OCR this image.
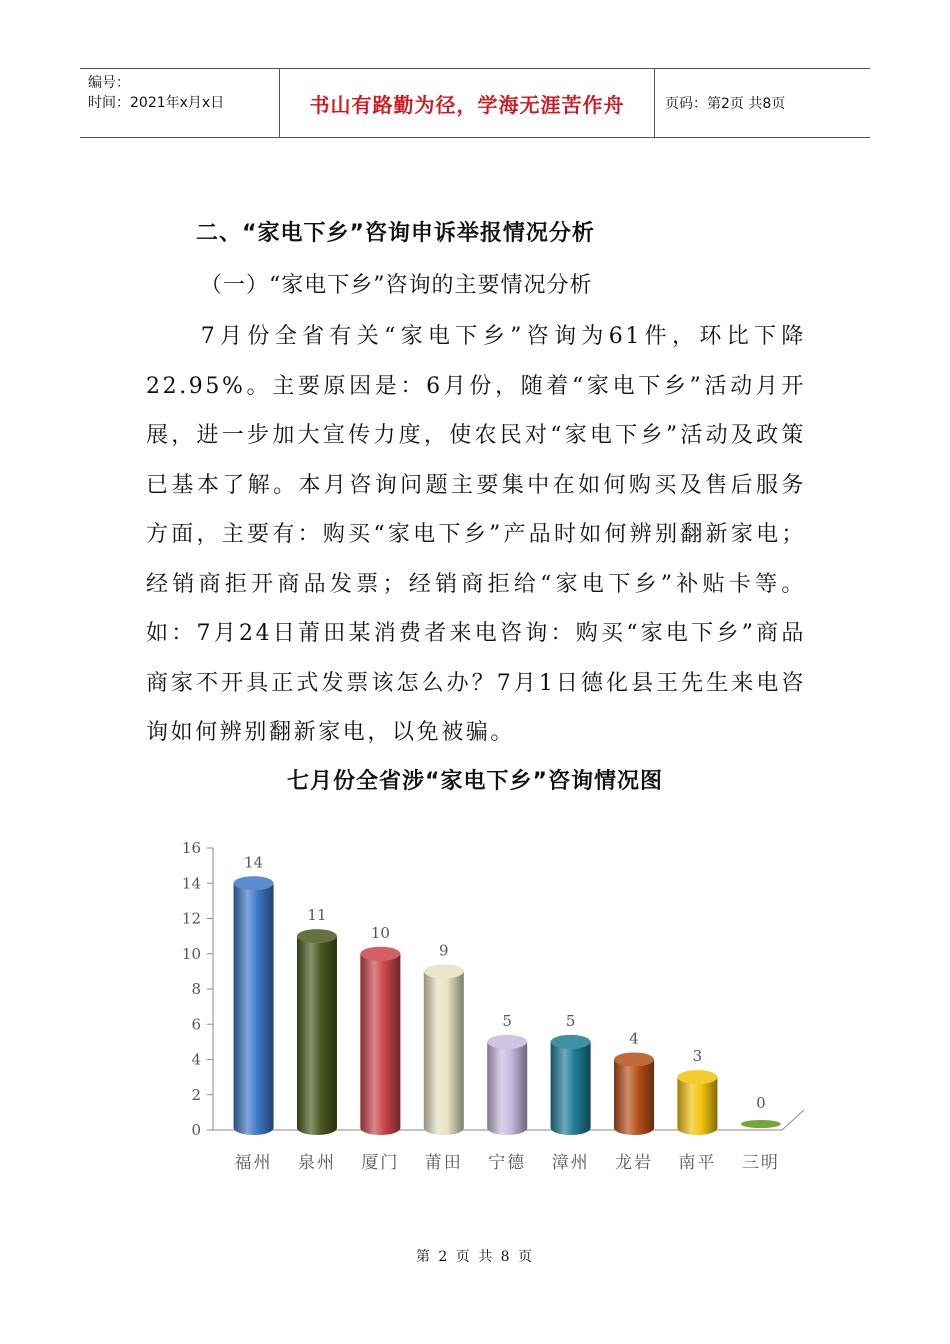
编号：
时间：2021年x月x日	书山有路勤为径，学海无涯苦作舟	页码：第2页 共8页
二、“家电下乡”咨询申诉举报情况分析
（一）“家电下乡”咨询的主要情况分析

　　7月份全省有关“家电下乡”咨询为61件，环比下降22.95%。主要原因是：6月份，随着“家电下乡”活动月开展，进一步加大宣传力度，使农民对“家电下乡”活动及政策已基本了解。本月咨询问题主要集中在如何购买及售后服务方面，主要有：购买“家电下乡”产品时如何辨别翻新家电；经销商拒开商品发票；经销商拒给“家电下乡”补贴卡等。如：7月24日莆田某消费者来电咨询：购买“家电下乡”商品商家不开具正式发票该怎么办？7月1日德化县王先生来电咨询如何辨别翻新家电，以免被骗。

七月份全省涉“家电下乡”咨询情况图
0
2
4
6
8
10
12
14
16
14
福州
11
泉州
10
厦门
9
莆田
5
宁德
5
漳州
4
龙岩
3
南平
0
三明
第 2 页 共 8 页
